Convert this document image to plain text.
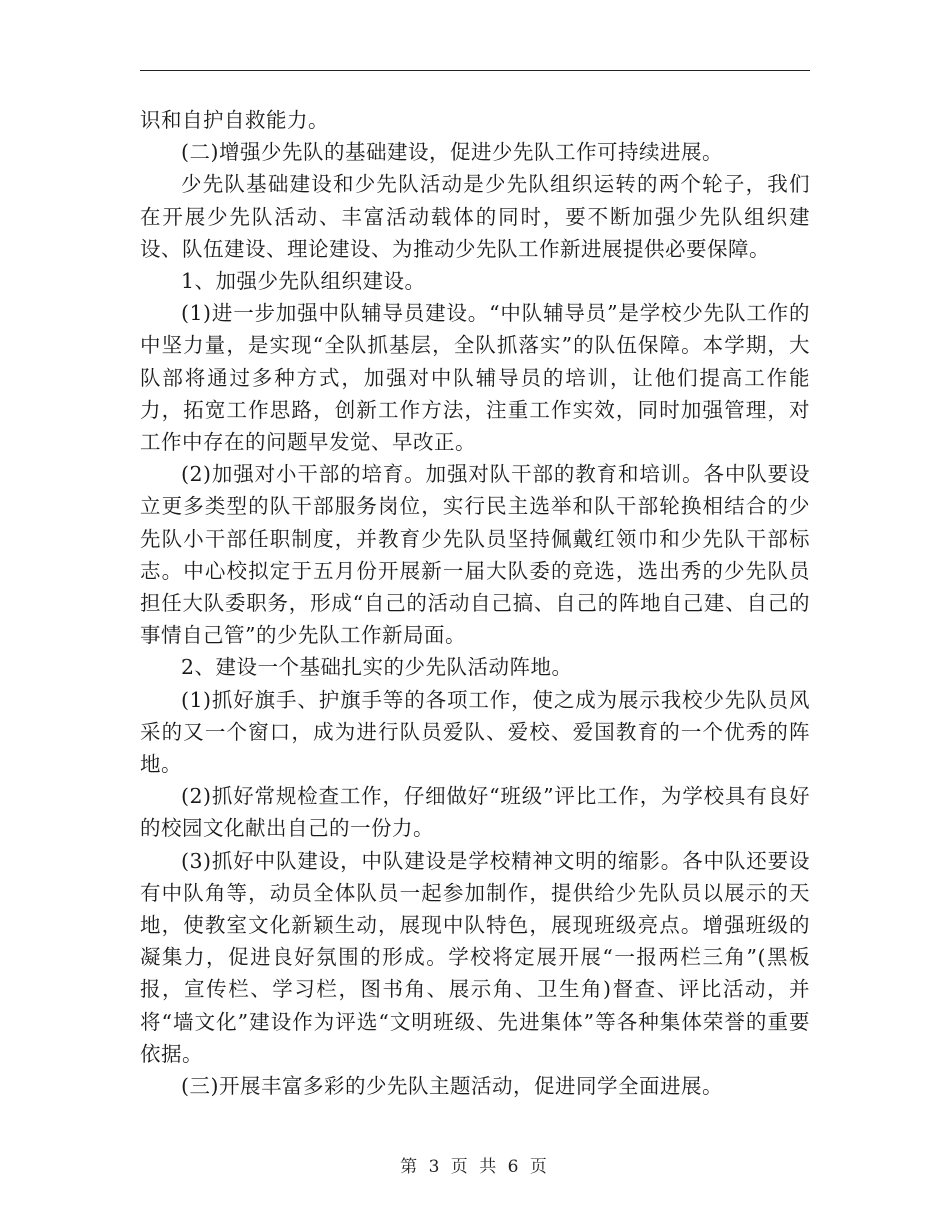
识和自护自救能力。

(二)增强少先队的基础建设，促进少先队工作可持续进展。

少先队基础建设和少先队活动是少先队组织运转的两个轮子，我们在开展少先队活动、丰富活动载体的同时，要不断加强少先队组织建设、队伍建设、理论建设、为推动少先队工作新进展提供必要保障。

1、加强少先队组织建设。

(1)进一步加强中队辅导员建设。“中队辅导员”是学校少先队工作的中坚力量，是实现“全队抓基层，全队抓落实”的队伍保障。本学期，大队部将通过多种方式，加强对中队辅导员的培训，让他们提高工作能力，拓宽工作思路，创新工作方法，注重工作实效，同时加强管理，对工作中存在的问题早发觉、早改正。

(2)加强对小干部的培育。加强对队干部的教育和培训。各中队要设立更多类型的队干部服务岗位，实行民主选举和队干部轮换相结合的少先队小干部任职制度，并教育少先队员坚持佩戴红领巾和少先队干部标志。中心校拟定于五月份开展新一届大队委的竞选，选出秀的少先队员担任大队委职务，形成“自己的活动自己搞、自己的阵地自己建、自己的事情自己管”的少先队工作新局面。

2、建设一个基础扎实的少先队活动阵地。

(1)抓好旗手、护旗手等的各项工作，使之成为展示我校少先队员风采的又一个窗口，成为进行队员爱队、爱校、爱国教育的一个优秀的阵地。

(2)抓好常规检查工作，仔细做好“班级”评比工作，为学校具有良好的校园文化献出自己的一份力。

(3)抓好中队建设，中队建设是学校精神文明的缩影。各中队还要设有中队角等，动员全体队员一起参加制作，提供给少先队员以展示的天地，使教室文化新颖生动，展现中队特色，展现班级亮点。增强班级的凝集力，促进良好氛围的形成。学校将定展开展“一报两栏三角”(黑板报，宣传栏、学习栏，图书角、展示角、卫生角)督查、评比活动，并将“墙文化”建设作为评选“文明班级、先进集体”等各种集体荣誉的重要依据。

(三)开展丰富多彩的少先队主题活动，促进同学全面进展。

第 3 页 共 6 页
